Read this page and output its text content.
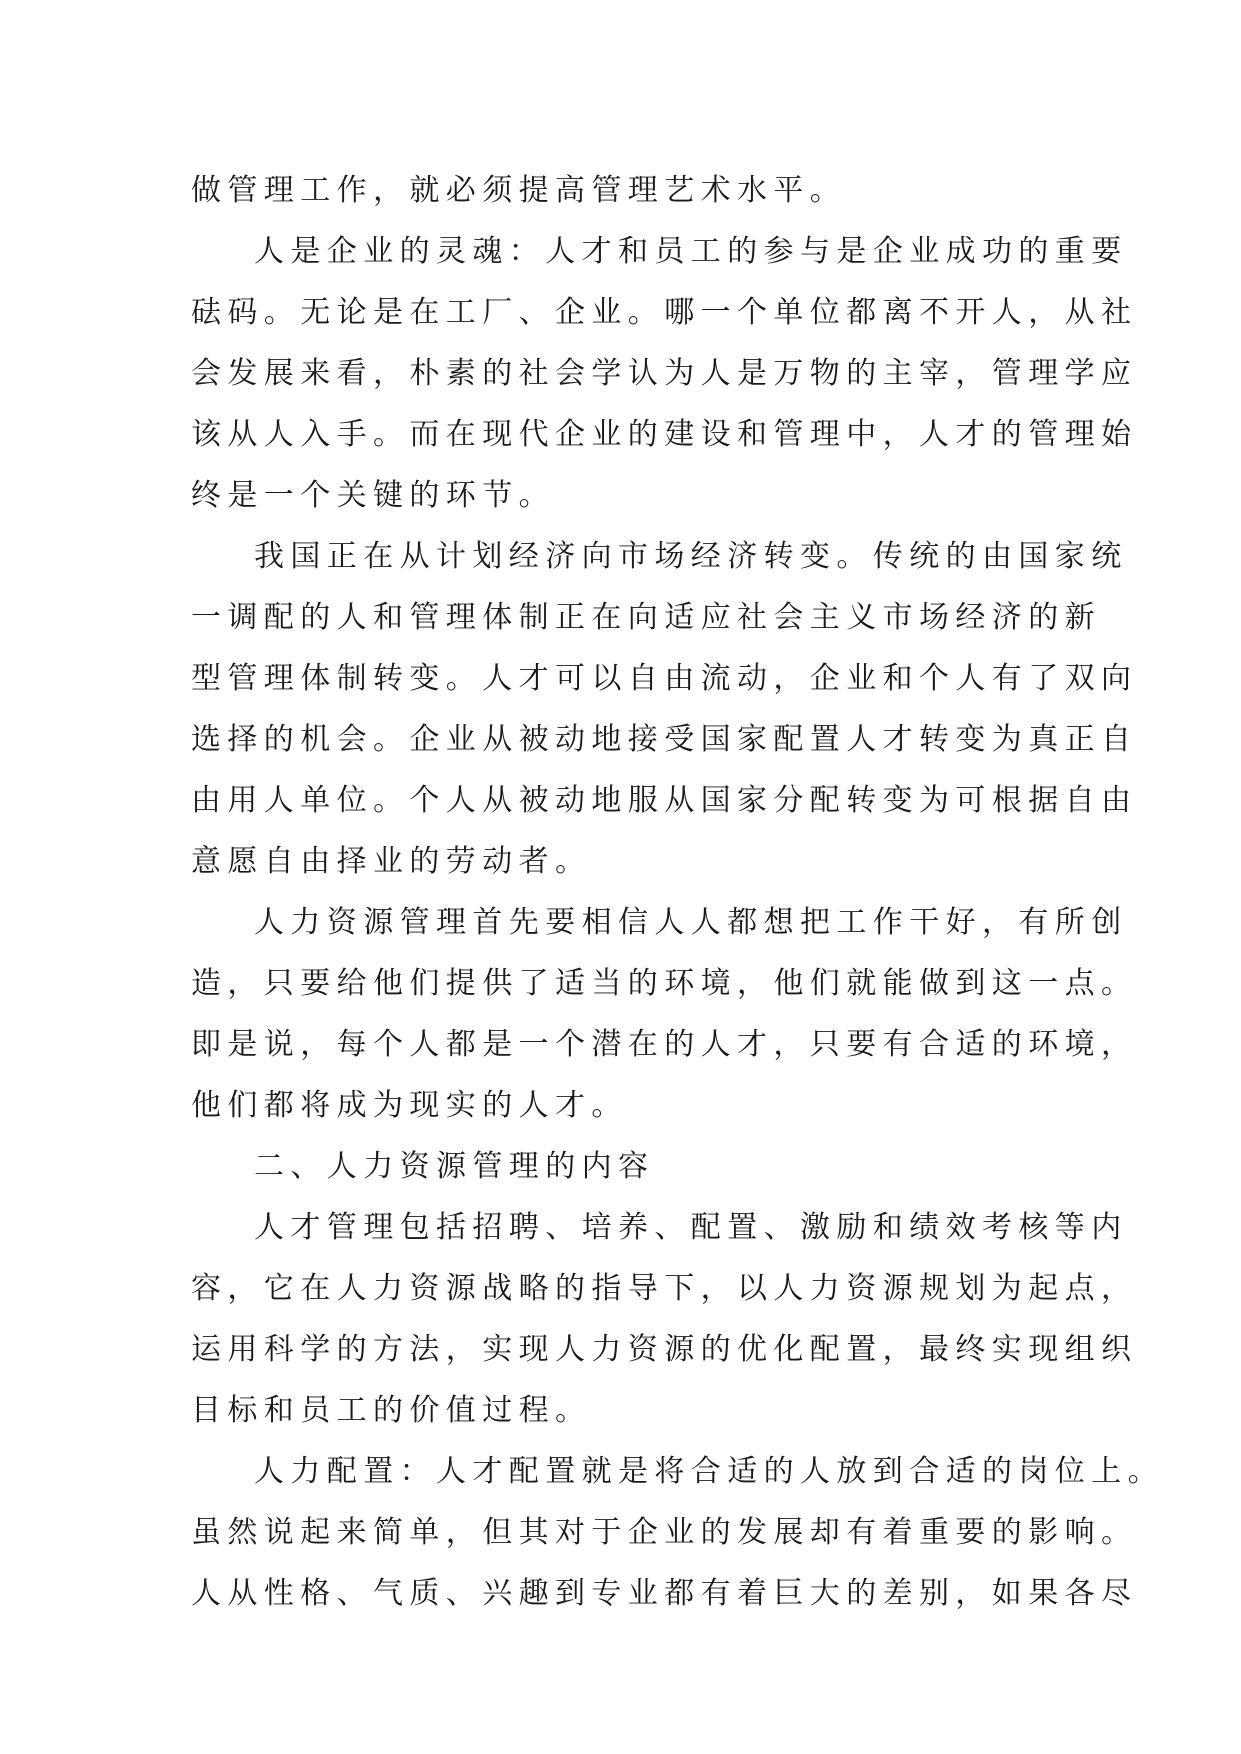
做管理工作，就必须提高管理艺术水平。
人是企业的灵魂：人才和员工的参与是企业成功的重要
砝码。无论是在工厂、企业。哪一个单位都离不开人，从社
会发展来看，朴素的社会学认为人是万物的主宰，管理学应
该从人入手。而在现代企业的建设和管理中，人才的管理始
终是一个关键的环节。
我国正在从计划经济向市场经济转变。传统的由国家统
一调配的人和管理体制正在向适应社会主义市场经济的新
型管理体制转变。人才可以自由流动，企业和个人有了双向
选择的机会。企业从被动地接受国家配置人才转变为真正自
由用人单位。个人从被动地服从国家分配转变为可根据自由
意愿自由择业的劳动者。
人力资源管理首先要相信人人都想把工作干好，有所创
造，只要给他们提供了适当的环境，他们就能做到这一点。
即是说，每个人都是一个潜在的人才，只要有合适的环境，
他们都将成为现实的人才。
二、人力资源管理的内容
人才管理包括招聘、培养、配置、激励和绩效考核等内
容，它在人力资源战略的指导下，以人力资源规划为起点，
运用科学的方法，实现人力资源的优化配置，最终实现组织
目标和员工的价值过程。
人力配置：人才配置就是将合适的人放到合适的岗位上。
虽然说起来简单，但其对于企业的发展却有着重要的影响。
人从性格、气质、兴趣到专业都有着巨大的差别，如果各尽
